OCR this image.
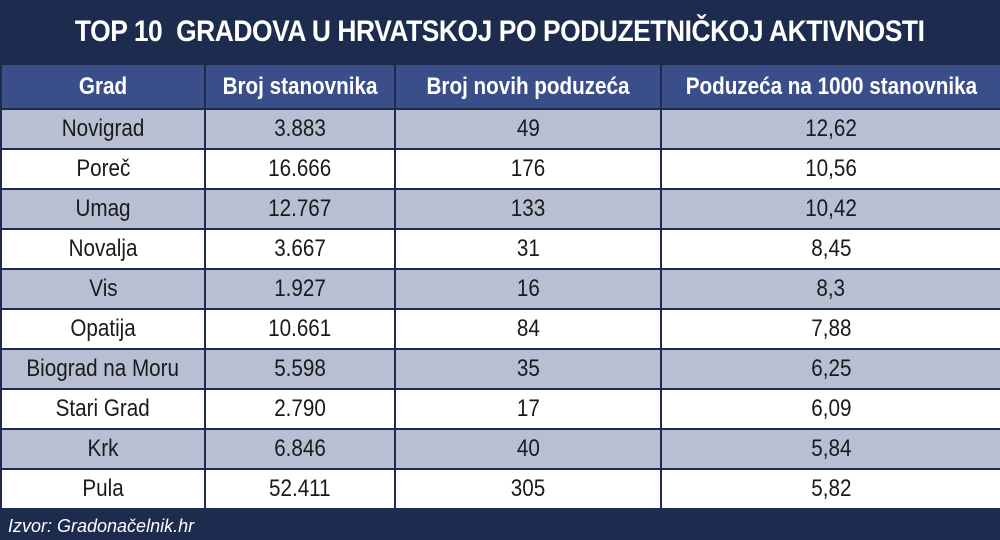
TOP 10  GRADOVA U HRVATSKOJ PO PODUZETNIČKOJ AKTIVNOSTI
Grad	Broj stanovnika	Broj novih poduzeća	Poduzeća na 1000 stanovnika
Novigrad	3.883	49	12,62
Poreč	16.666	176	10,56
Umag	12.767	133	10,42
Novalja	3.667	31	8,45
Vis	1.927	16	8,3
Opatija	10.661	84	7,88
Biograd na Moru	5.598	35	6,25
Stari Grad	2.790	17	6,09
Krk	6.846	40	5,84
Pula	52.411	305	5,82
Izvor: Gradonačelnik.hr
